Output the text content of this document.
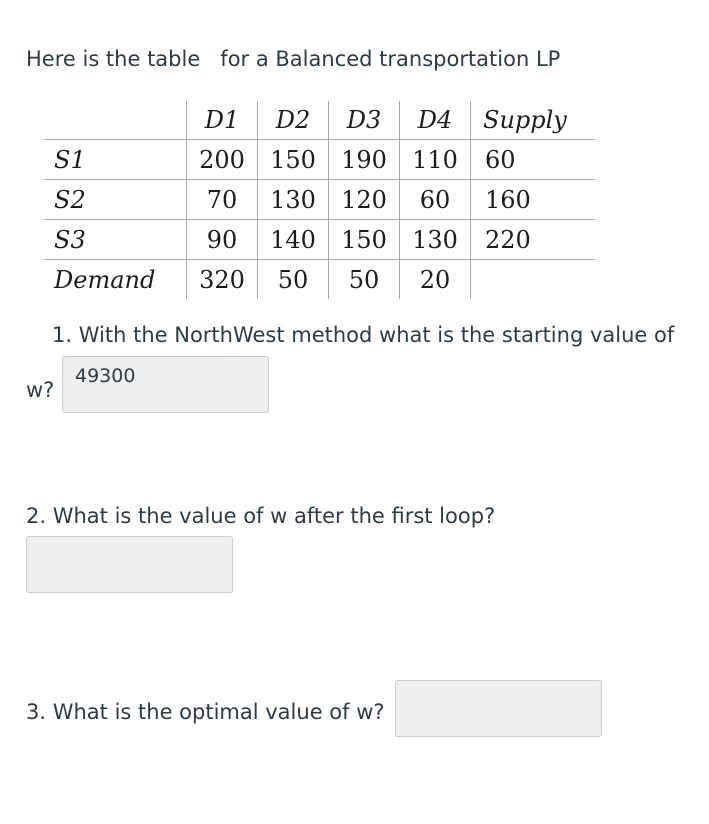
Here is the table for a Balanced transportation LP
	D1	D2	D3	D4	Supply
S1	200	150	190	110	60
S2	70	130	120	60	160
S3	90	140	150	130	220
Demand	320	50	50	20	
1. With the NorthWest method what is the starting value of
w?
49300
2. What is the value of w after the first loop?
3. What is the optimal value of w?
